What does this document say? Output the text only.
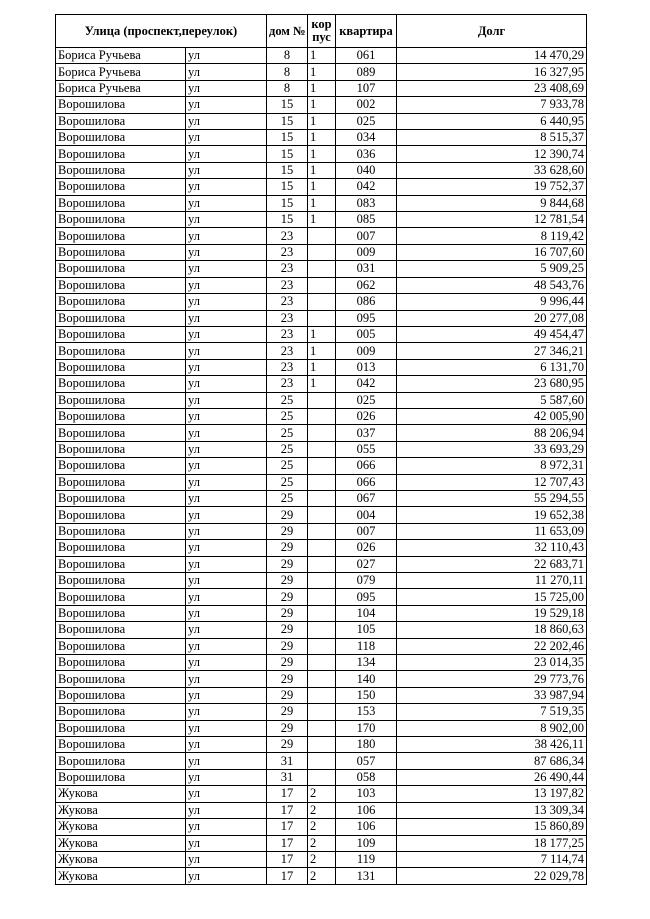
Улица (проспект,переулок)		дом №	кор пус	квартира	Долг
Бориса Ручьева	ул	8	1	061	14 470,29
Бориса Ручьева	ул	8	1	089	16 327,95
Бориса Ручьева	ул	8	1	107	23 408,69
Ворошилова	ул	15	1	002	7 933,78
Ворошилова	ул	15	1	025	6 440,95
Ворошилова	ул	15	1	034	8 515,37
Ворошилова	ул	15	1	036	12 390,74
Ворошилова	ул	15	1	040	33 628,60
Ворошилова	ул	15	1	042	19 752,37
Ворошилова	ул	15	1	083	9 844,68
Ворошилова	ул	15	1	085	12 781,54
Ворошилова	ул	23		007	8 119,42
Ворошилова	ул	23		009	16 707,60
Ворошилова	ул	23		031	5 909,25
Ворошилова	ул	23		062	48 543,76
Ворошилова	ул	23		086	9 996,44
Ворошилова	ул	23		095	20 277,08
Ворошилова	ул	23	1	005	49 454,47
Ворошилова	ул	23	1	009	27 346,21
Ворошилова	ул	23	1	013	6 131,70
Ворошилова	ул	23	1	042	23 680,95
Ворошилова	ул	25		025	5 587,60
Ворошилова	ул	25		026	42 005,90
Ворошилова	ул	25		037	88 206,94
Ворошилова	ул	25		055	33 693,29
Ворошилова	ул	25		066	8 972,31
Ворошилова	ул	25		066	12 707,43
Ворошилова	ул	25		067	55 294,55
Ворошилова	ул	29		004	19 652,38
Ворошилова	ул	29		007	11 653,09
Ворошилова	ул	29		026	32 110,43
Ворошилова	ул	29		027	22 683,71
Ворошилова	ул	29		079	11 270,11
Ворошилова	ул	29		095	15 725,00
Ворошилова	ул	29		104	19 529,18
Ворошилова	ул	29		105	18 860,63
Ворошилова	ул	29		118	22 202,46
Ворошилова	ул	29		134	23 014,35
Ворошилова	ул	29		140	29 773,76
Ворошилова	ул	29		150	33 987,94
Ворошилова	ул	29		153	7 519,35
Ворошилова	ул	29		170	8 902,00
Ворошилова	ул	29		180	38 426,11
Ворошилова	ул	31		057	87 686,34
Ворошилова	ул	31		058	26 490,44
Жукова	ул	17	2	103	13 197,82
Жукова	ул	17	2	106	13 309,34
Жукова	ул	17	2	106	15 860,89
Жукова	ул	17	2	109	18 177,25
Жукова	ул	17	2	119	7 114,74
Жукова	ул	17	2	131	22 029,78
